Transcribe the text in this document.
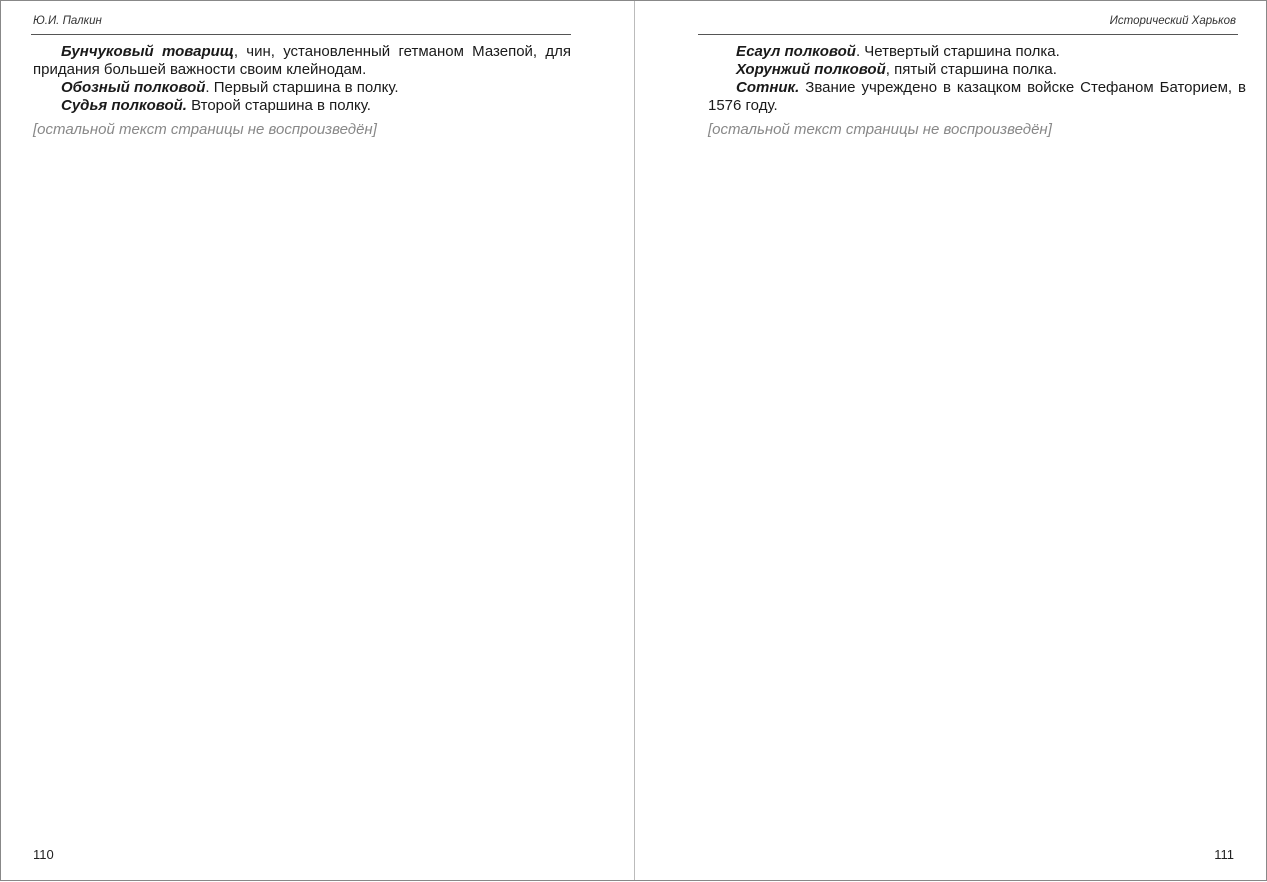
Ю.И. Палкин

Бунчуковый товарищ, чин, установленный гетманом Мазепой, для придания большей важности своим клейнодам.

Обозный полковой. Первый старшина в полку.

Судья полковой. Второй старшина в полку.

[остальной текст страницы не воспроизведён]

110
Исторический Харьков

Есаул полковой. Четвертый старшина полка.

Хорунжий полковой, пятый старшина полка.

Сотник. Звание учреждено в казацком войске Стефаном Баторием, в 1576 году.

[остальной текст страницы не воспроизведён]

111
